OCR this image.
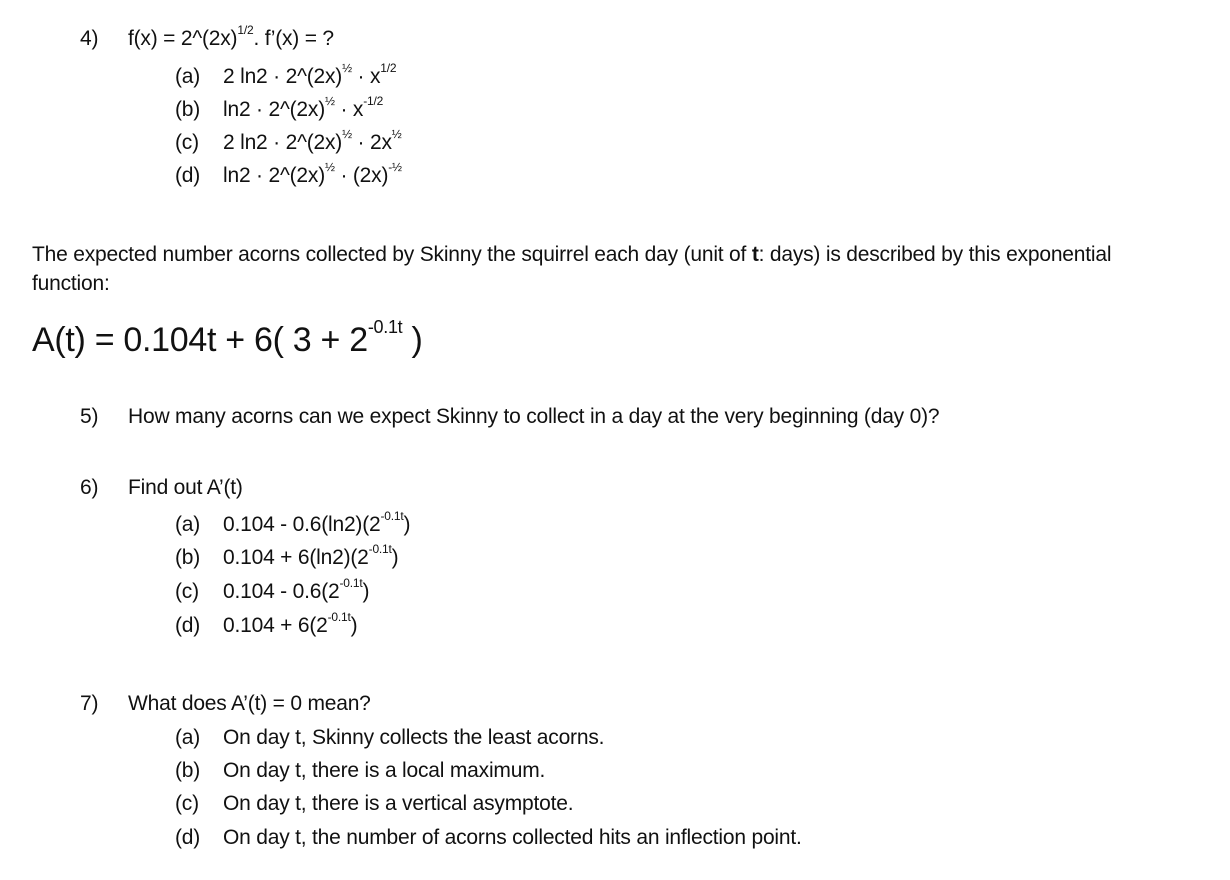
4) $f(x) = 2\^{}(2x)^{1/2}$. f’(x) = ?
(a) 2 $\ln 2 \cdot 2\^{}(2x)^{\frac{1}{2}} \cdot x^{1/2}$
(b) $\ln 2 \cdot 2\^{}(2x)^{\frac{1}{2}} \cdot x^{-1/2}$
(c) 2 $\ln 2 \cdot 2\^{}(2x)^{\frac{1}{2}} \cdot 2x^{\frac{1}{2}}$
(d) $\ln 2 \cdot 2\^{}(2x)^{\frac{1}{2}} \cdot (2x)^{-\frac{1}{2}}$
The expected number acorns collected by Skinny the squirrel each day (unit of t: days) is described by this exponential
function:
A(t) = 0.104t + 6( $3 + 2^{-0.1t}$ )
5) How many acorns can we expect Skinny to collect in a day at the very beginning (day 0)?
6) Find out A’(t)
(a) $0.104 - 0.6(\ln 2)(2^{-0.1t})$
(b) $0.104 + 6(\ln 2)(2^{-0.1t})$
(c) $0.104 - 0.6(2^{-0.1t})$
(d) $0.104 + 6(2^{-0.1t})$
7) What does A’(t) = 0 mean?
(a) On day t, Skinny collects the least acorns.
(b) On day t, there is a local maximum.
(c) On day t, there is a vertical asymptote.
(d) On day t, the number of acorns collected hits an inflection point.
